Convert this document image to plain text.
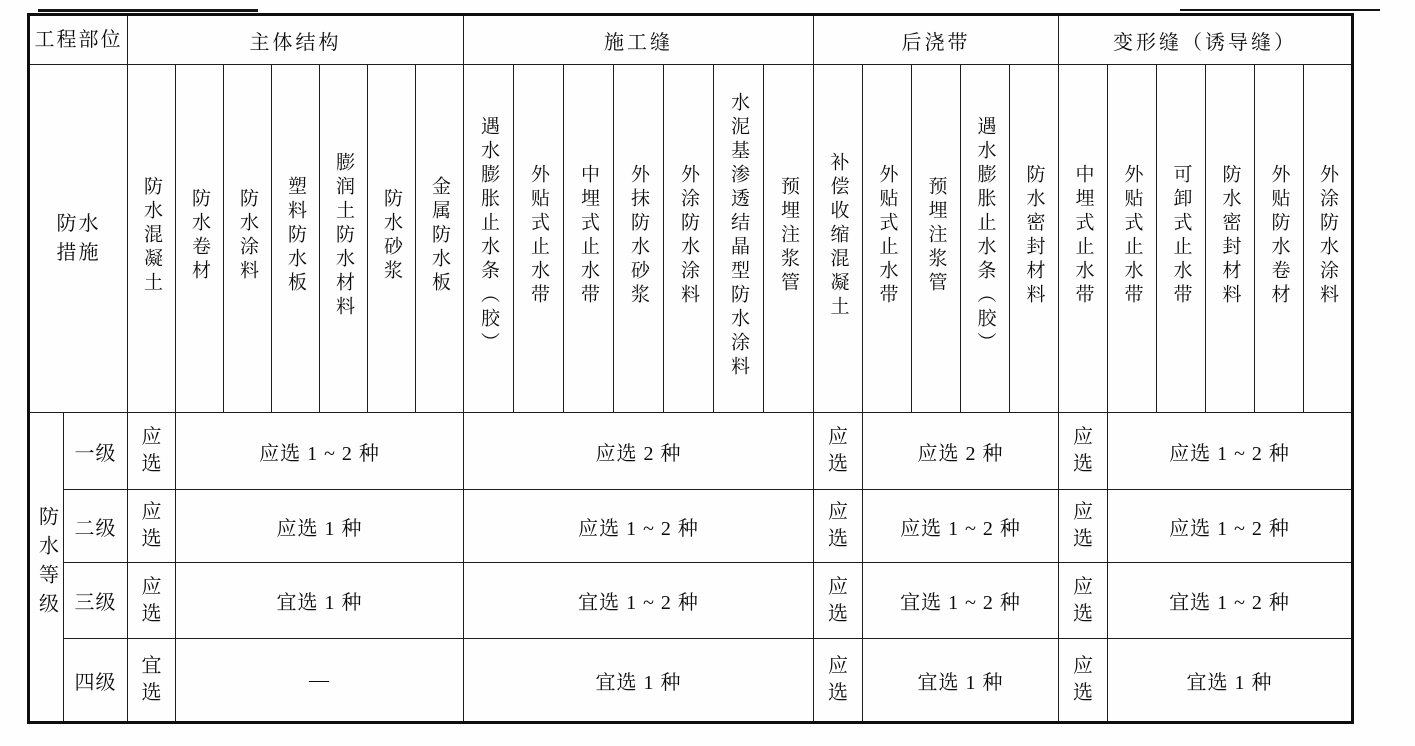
工程部位		主体结构							施工缝							后浇带					变形缝（诱导缝）					
防水措施		防水混凝土	防水卷材	防水涂料	塑料防水板	膨润土防水材料	防水砂浆	金属防水板	遇水膨胀止水条（胶）	外贴式止水带	中埋式止水带	外抹防水砂浆	外涂防水涂料	水泥基渗透结晶型防水涂料	预埋注浆管	补偿收缩混凝土	外贴式止水带	预埋注浆管	遇水膨胀止水条（胶）	防水密封材料	中埋式止水带	外贴式止水带	可卸式止水带	防水密封材料	外贴防水卷材	外涂防水涂料
防水等级	一级	应选	应选 1 ~ 2 种						应选 2 种							应选	应选 2 种				应选	应选 1 ~ 2 种				
	二级	应选	应选 1 种						应选 1 ~ 2 种							应选	应选 1 ~ 2 种				应选	应选 1 ~ 2 种				
	三级	应选	宜选 1 种						宜选 1 ~ 2 种							应选	宜选 1 ~ 2 种				应选	宜选 1 ~ 2 种				
	四级	宜选	—						宜选 1 种							应选	宜选 1 种				应选	宜选 1 种				
